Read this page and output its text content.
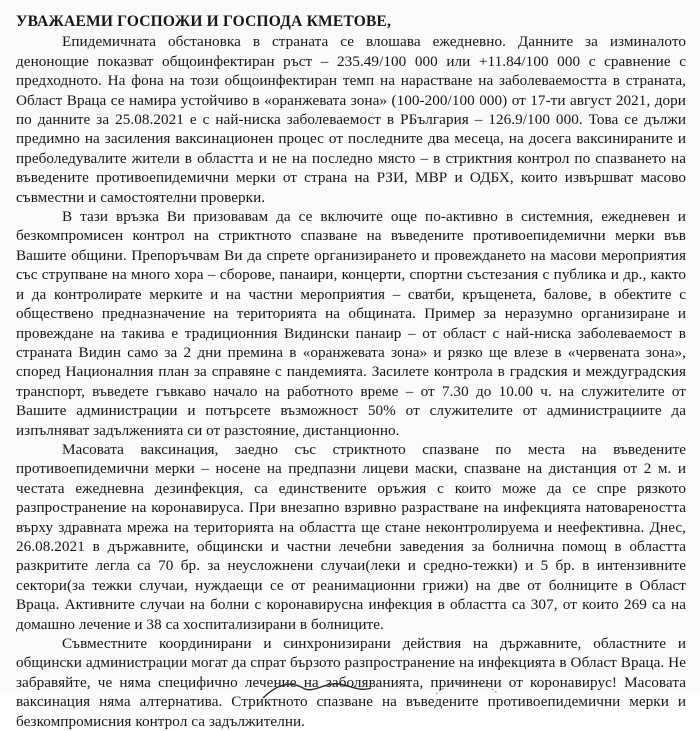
УВАЖАЕМИ ГОСПОЖИ И ГОСПОДА КМЕТОВЕ,

Епидемичната обстановка в страната се влошава ежедневно. Данните за изминалото денонощие показват общоинфектиран ръст – 235.49/100 000 или +11.84/100 000 с сравнение с предходното. На фона на този общоинфектиран темп на нарастване на заболеваемостта в страната, Област Враца се намира устойчиво в «оранжевата зона» (100-200/100 000) от 17-ти август 2021, дори по данните за 25.08.2021 е с най-ниска заболеваемост в РБългария – 126.9/100 000. Това се дължи предимно на засиления ваксинационен процес от последните два месеца, на досега ваксинираните и преболедувалите жители в областта и не на последно място – в стриктния контрол по спазването на въведените противоепидемични мерки от страна на РЗИ, МВР и ОДБХ, които извършват масово съвместни и самостоятелни проверки.

В тази връзка Ви призовавам да се включите още по-активно в системния, ежедневен и безкомпромисен контрол на стриктното спазване на въведените противоепидемични мерки във Вашите общини. Препоръчвам Ви да спрете организирането и провеждането на масови мероприятия със струпване на много хора – сборове, панаири, концерти, спортни състезания с публика и др., както и да контролирате мерките и на частни мероприятия – сватби, кръщенета, балове, в обектите с обществено предназначение на територията на общината. Пример за неразумно организиране и провеждане на такива е традиционния Видински панаир – от област с най-ниска заболеваемост в страната Видин само за 2 дни премина в «оранжевата зона» и рязко ще влезе в «червената зона», според Националния план за справяне с пандемията. Засилете контрола в градския и междуградския транспорт, въведете гъвкаво начало на работното време – от 7.30 до 10.00 ч. на служителите от Вашите администрации и потърсете възможност 50% от служителите от администрациите да изпълняват задълженията си от разстояние, дистанционно.

Масовата ваксинация, заедно със стриктното спазване по места на въведените противоепидемични мерки – носене на предпазни лицеви маски, спазване на дистанция от 2 м. и честата ежедневна дезинфекция, са единствените оръжия с които може да се спре рязкото разпространение на коронавируса. При внезапно взривно разрастване на инфекцията натовареността върху здравната мрежа на територията на областта ще стане неконтролируема и неефективна. Днес, 26.08.2021 в държавните, общински и частни лечебни заведения за болнична помощ в областта разкритите легла са 70 бр. за неусложнени случаи(леки и средно-тежки) и 5 бр. в интензивните сектори(за тежки случаи, нуждаещи се от реанимационни грижи) на две от болниците в Област Враца. Активните случаи на болни с коронавирусна инфекция в областта са 307, от които 269 са на домашно лечение и 38 са хоспитализирани в болниците.

Съвместните координирани и синхронизирани действия на държавните, областните и общински администрации могат да спрат бързото разпространение на инфекцията в Област Враца. Не забравяйте, че няма специфично лечение на заболяванията, причинени от коронавирус! Масовата ваксинация няма алтернатива. Стриктното спазване на въведените противоепидемични мерки и безкомпромисния контрол са задължителни.
